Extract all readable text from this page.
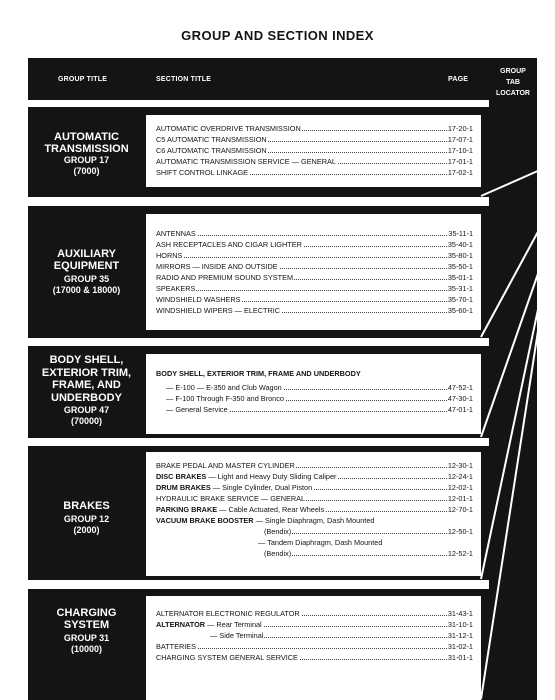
GROUP AND SECTION INDEX
GROUP TITLE	SECTION TITLE	PAGE
GROUP
TAB
LOCATOR
AUTOMATIC
TRANSMISSION
GROUP 17
(7000)
AUTOMATIC OVERDRIVE TRANSMISSION	17-20-1
C5 AUTOMATIC TRANSMISSION	17-07-1
C6 AUTOMATIC TRANSMISSION	17-10-1
AUTOMATIC TRANSMISSION SERVICE — GENERAL	17-01-1
SHIFT CONTROL LINKAGE	17-02-1
AUXILIARY
EQUIPMENT
GROUP 35
(17000 & 18000)
ANTENNAS	35-11-1
ASH RECEPTACLES AND CIGAR LIGHTER	35-40-1
HORNS	35-80-1
MIRRORS — INSIDE AND OUTSIDE	35-50-1
RADIO AND PREMIUM SOUND SYSTEM	35-01-1
SPEAKERS	35-31-1
WINDSHIELD WASHERS	35-70-1
WINDSHIELD WIPERS — ELECTRIC	35-60-1
BODY SHELL,
EXTERIOR TRIM,
FRAME, AND
UNDERBODY
GROUP 47
(70000)
BODY SHELL, EXTERIOR TRIM, FRAME AND UNDERBODY
— E-100 — E-350 and Club Wagon	47-52-1
— F-100 Through F-350 and Bronco	47-30-1
— General Service	47-01-1
BRAKES
GROUP 12
(2000)
BRAKE PEDAL AND MASTER CYLINDER	12-30-1
DISC BRAKES — Light and Heavy Duty Sliding Caliper	12-24-1
DRUM BRAKES — Single Cylinder, Dual Piston	12-02-1
HYDRAULIC BRAKE SERVICE — GENERAL	12-01-1
PARKING BRAKE — Cable Actuated, Rear Wheels	12-70-1
VACUUM BRAKE BOOSTER — Single Diaphragm, Dash Mounted
(Bendix)	12-50-1
— Tandem Diaphragm, Dash Mounted
(Bendix)	12-52-1
CHARGING
SYSTEM
GROUP 31
(10000)
ALTERNATOR ELECTRONIC REGULATOR	31-43-1
ALTERNATOR — Rear Terminal	31-10-1
— Side Terminal	31-12-1
BATTERIES	31-02-1
CHARGING SYSTEM GENERAL SERVICE	31-01-1
